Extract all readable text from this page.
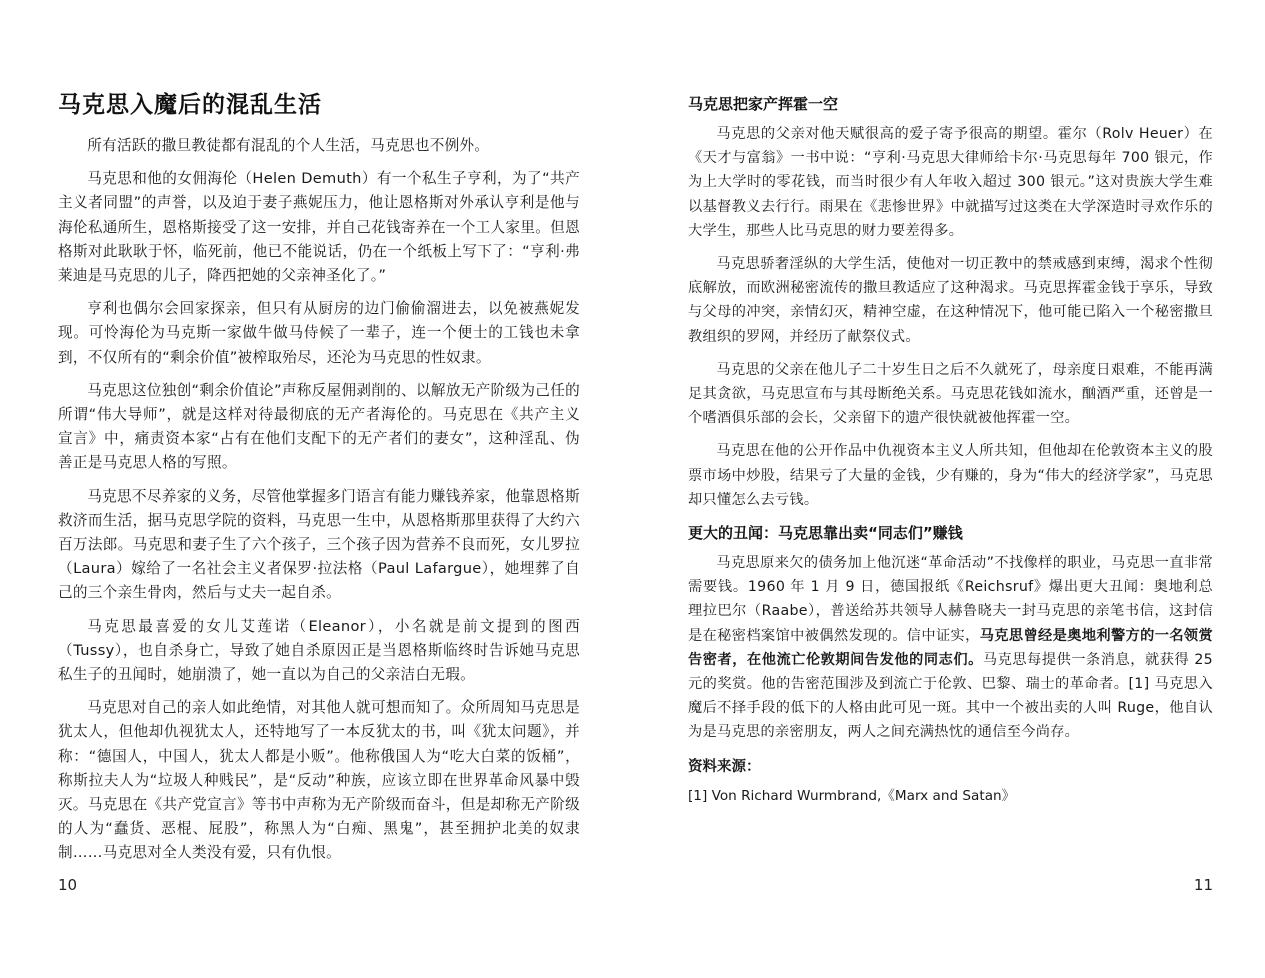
马克思入魔后的混乱生活

所有活跃的撒旦教徒都有混乱的个人生活，马克思也不例外。

马克思和他的女佣海伦（Helen Demuth）有一个私生子亨利，为了“共产主义者同盟”的声誉，以及迫于妻子燕妮压力，他让恩格斯对外承认亨利是他与海伦私通所生，恩格斯接受了这一安排，并自己花钱寄养在一个工人家里。但恩格斯对此耿耿于怀，临死前，他已不能说话，仍在一个纸板上写下了：“亨利·弗莱迪是马克思的儿子，降西把她的父亲神圣化了。”

亨利也偶尔会回家探亲，但只有从厨房的边门偷偷溜进去，以免被燕妮发现。可怜海伦为马克斯一家做牛做马侍候了一辈子，连一个便士的工钱也未拿到，不仅所有的“剩余价值”被榨取殆尽，还沦为马克思的性奴隶。

马克思这位独创“剩余价值论”声称反屋佣剥削的、以解放无产阶级为己任的所谓“伟大导师”，就是这样对待最彻底的无产者海伦的。马克思在《共产主义宣言》中，痛责资本家“占有在他们支配下的无产者们的妻女”，这种淫乱、伪善正是马克思人格的写照。

马克思不尽养家的义务，尽管他掌握多门语言有能力赚钱养家，他靠恩格斯救济而生活，据马克思学院的资料，马克思一生中，从恩格斯那里获得了大约六百万法郎。马克思和妻子生了六个孩子，三个孩子因为营养不良而死，女儿罗拉（Laura）嫁给了一名社会主义者保罗·拉法格（Paul Lafargue），她埋葬了自己的三个亲生骨肉，然后与丈夫一起自杀。

马克思最喜爱的女儿艾莲诺（Eleanor），小名就是前文提到的图西（Tussy），也自杀身亡，导致了她自杀原因正是当恩格斯临终时告诉她马克思私生子的丑闻时，她崩溃了，她一直以为自己的父亲洁白无瑕。

马克思对自己的亲人如此绝情，对其他人就可想而知了。众所周知马克思是犹太人，但他却仇视犹太人，还特地写了一本反犹太的书，叫《犹太问题》，并称：“德国人，中国人，犹太人都是小贩”。他称俄国人为“吃大白菜的饭桶”，称斯拉夫人为“垃圾人种贱民”，是“反动”种族，应该立即在世界革命风暴中毁灭。马克思在《共产党宣言》等书中声称为无产阶级而奋斗，但是却称无产阶级的人为“蠢货、恶棍、屁股”，称黑人为“白痴、黑鬼”，甚至拥护北美的奴隶制……马克思对全人类没有爱，只有仇恨。

10
马克思把家产挥霍一空

马克思的父亲对他天赋很高的爱子寄予很高的期望。霍尔（Rolv Heuer）在《天才与富翁》一书中说：“亨利·马克思大律师给卡尔·马克思每年 700 银元，作为上大学时的零花钱，而当时很少有人年收入超过 300 银元。”这对贵族大学生难以基督教义去行行。雨果在《悲惨世界》中就描写过这类在大学深造时寻欢作乐的大学生，那些人比马克思的财力要差得多。

马克思骄奢淫纵的大学生活，使他对一切正教中的禁戒感到束缚，渴求个性彻底解放，而欧洲秘密流传的撒旦教适应了这种渴求。马克思挥霍金钱于享乐，导致与父母的冲突，亲情幻灭，精神空虚，在这种情况下，他可能已陷入一个秘密撒旦教组织的罗网，并经历了献祭仪式。

马克思的父亲在他儿子二十岁生日之后不久就死了，母亲度日艰难，不能再满足其贪欲，马克思宣布与其母断绝关系。马克思花钱如流水，酗酒严重，还曾是一个嗜酒俱乐部的会长，父亲留下的遗产很快就被他挥霍一空。

马克思在他的公开作品中仇视资本主义人所共知，但他却在伦敦资本主义的股票市场中炒股，结果亏了大量的金钱，少有赚的，身为“伟大的经济学家”，马克思却只懂怎么去亏钱。

更大的丑闻：马克思靠出卖“同志们”赚钱

马克思原来欠的债务加上他沉迷“革命活动”不找像样的职业，马克思一直非常需要钱。1960 年 1 月 9 日，德国报纸《Reichsruf》爆出更大丑闻：奥地利总理拉巴尔（Raabe），普送给苏共领导人赫鲁晓夫一封马克思的亲笔书信，这封信是在秘密档案馆中被偶然发现的。信中证实，马克思曾经是奥地利警方的一名领赏告密者，在他流亡伦敦期间告发他的同志们。马克思每提供一条消息，就获得 25 元的奖赏。他的告密范围涉及到流亡于伦敦、巴黎、瑞士的革命者。[1] 马克思入魔后不择手段的低下的人格由此可见一斑。其中一个被出卖的人叫 Ruge，他自认为是马克思的亲密朋友，两人之间充满热忱的通信至今尚存。

资料来源：

[1] Von Richard Wurmbrand,《Marx and Satan》

11
